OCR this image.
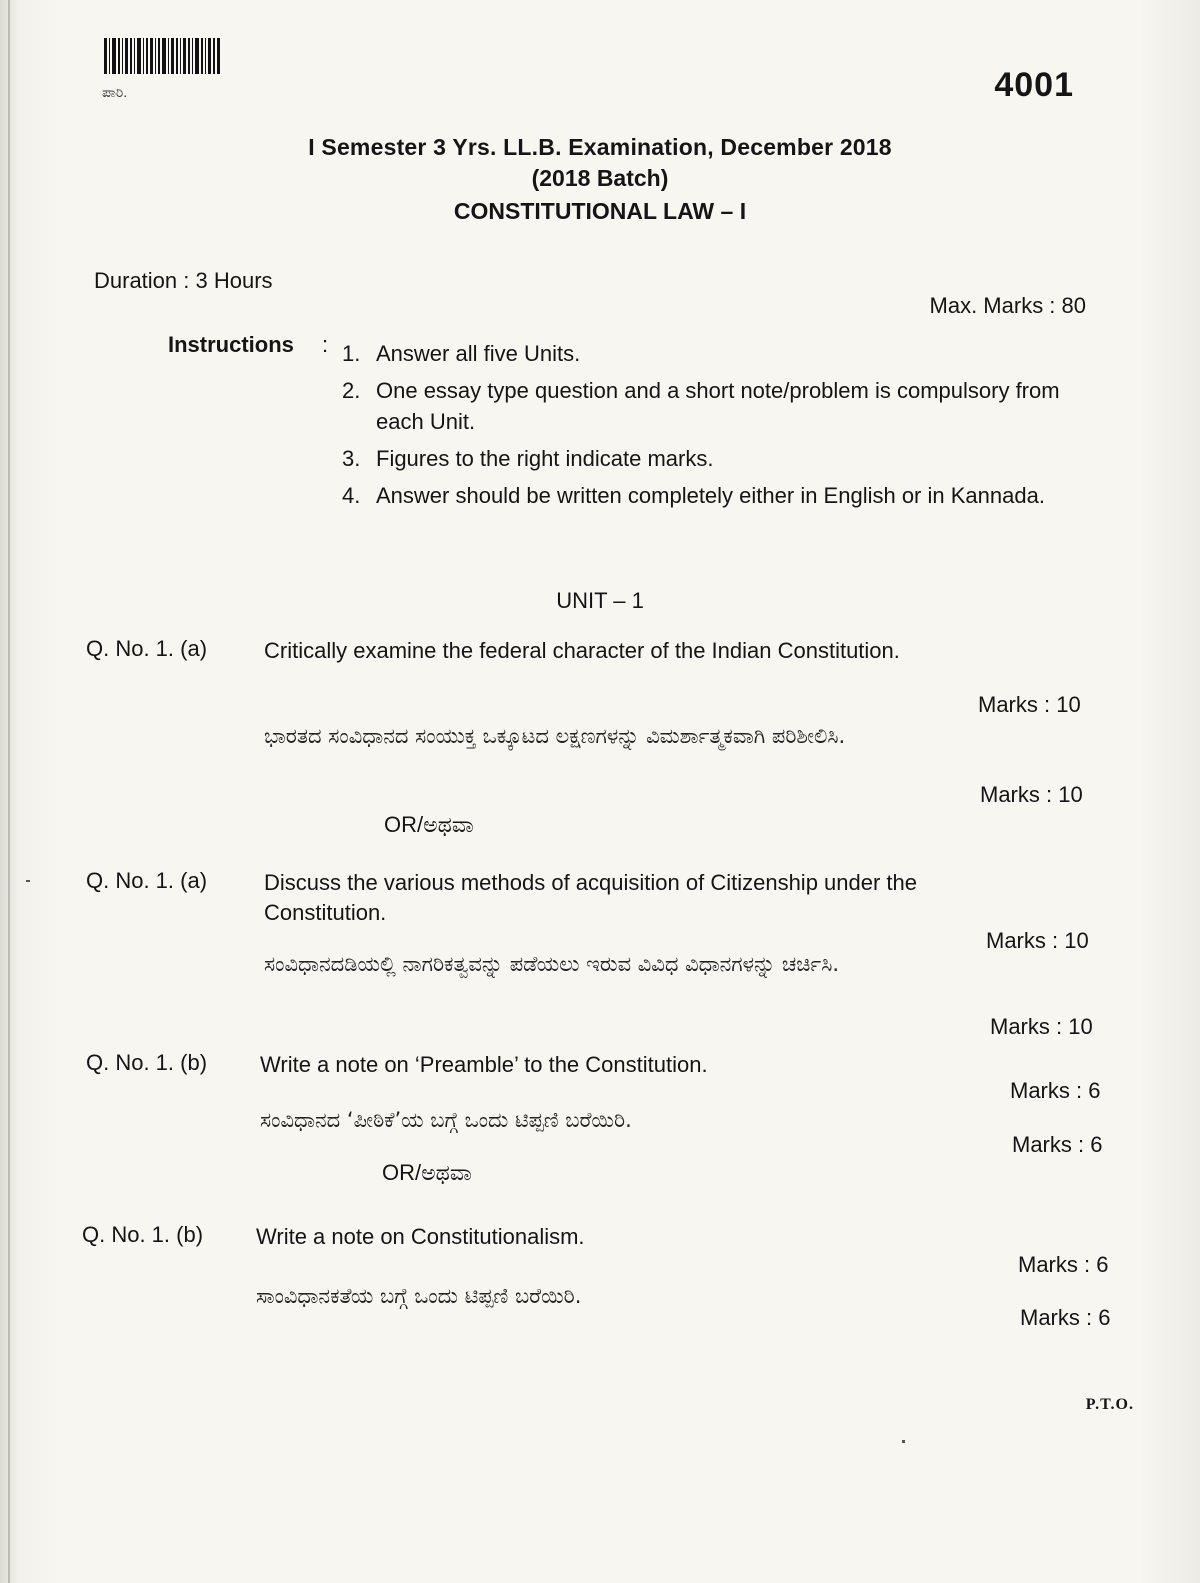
ಪಾರಿ.	4001
I Semester 3 Yrs. LL.B. Examination, December 2018
(2018 Batch)
CONSTITUTIONAL LAW – I
Duration : 3 Hours
Max. Marks : 80
Instructions : 1. Answer all five Units.
2. One essay type question and a short note/problem is compulsory from each Unit.
3. Figures to the right indicate marks.
4. Answer should be written completely either in English or in Kannada.
UNIT – 1
Q. No. 1. (a)	Critically examine the federal character of the Indian Constitution.
ಭಾರತದ ಸಂವಿಧಾನದ ಸಂಯುಕ್ತ ಒಕ್ಕೂಟದ ಲಕ್ಷಣಗಳನ್ನು ವಿಮರ್ಶಾತ್ಮಕವಾಗಿ ಪರಿಶೀಲಿಸಿ.
Marks : 10
Marks : 10
OR/ಅಥವಾ
Q. No. 1. (a)	Discuss the various methods of acquisition of Citizenship under the Constitution.
ಸಂವಿಧಾನದಡಿಯಲ್ಲಿ ನಾಗರಿಕತ್ವವನ್ನು ಪಡೆಯಲು ಇರುವ ವಿವಿಧ ವಿಧಾನಗಳನ್ನು ಚರ್ಚಿಸಿ.
Marks : 10
Marks : 10
Q. No. 1. (b) Write a note on ‘Preamble’ to the Constitution.
ಸಂವಿಧಾನದ ‘ಪೀಠಿಕೆ’ಯ ಬಗ್ಗೆ ಒಂದು ಟಿಪ್ಪಣಿ ಬರೆಯಿರಿ.
Marks : 6
Marks : 6
OR/ಅಥವಾ
Q. No. 1. (b) Write a note on Constitutionalism.
ಸಾಂವಿಧಾನಕತೆಯ ಬಗ್ಗೆ ಒಂದು ಟಿಪ್ಪಣಿ ಬರೆಯಿರಿ.
Marks : 6
Marks : 6
P.T.O.
